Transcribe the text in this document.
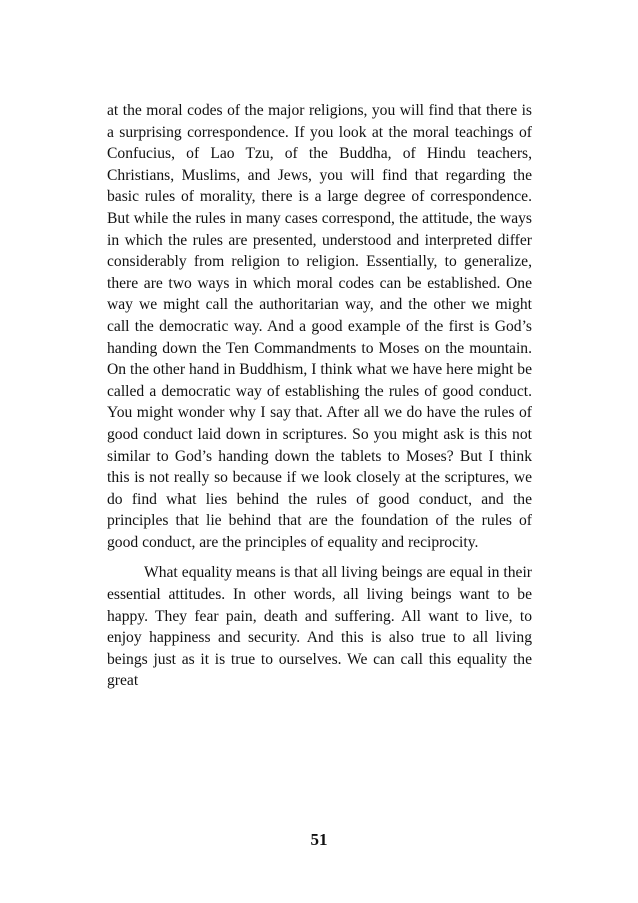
at the moral codes of the major religions, you will find that there is a surprising correspondence. If you look at the moral teachings of Confucius, of Lao Tzu, of the Buddha, of Hindu teachers, Christians, Muslims, and Jews, you will find that regarding the basic rules of morality, there is a large degree of correspondence. But while the rules in many cases correspond, the attitude, the ways in which the rules are presented, understood and interpreted differ considerably from religion to religion. Essentially, to generalize, there are two ways in which moral codes can be established. One way we might call the authoritarian way, and the other we might call the democratic way. And a good example of the first is God’s handing down the Ten Commandments to Moses on the mountain. On the other hand in Buddhism, I think what we have here might be called a democratic way of establishing the rules of good conduct. You might wonder why I say that. After all we do have the rules of good conduct laid down in scriptures. So you might ask is this not similar to God’s handing down the tablets to Moses? But I think this is not really so because if we look closely at the scriptures, we do find what lies behind the rules of good conduct, and the principles that lie behind that are the foundation of the rules of good conduct, are the principles of equality and reciprocity.

What equality means is that all living beings are equal in their essential attitudes. In other words, all living beings want to be happy. They fear pain, death and suffering. All want to live, to enjoy happiness and security. And this is also true to all living beings just as it is true to ourselves. We can call this equality the great

51
